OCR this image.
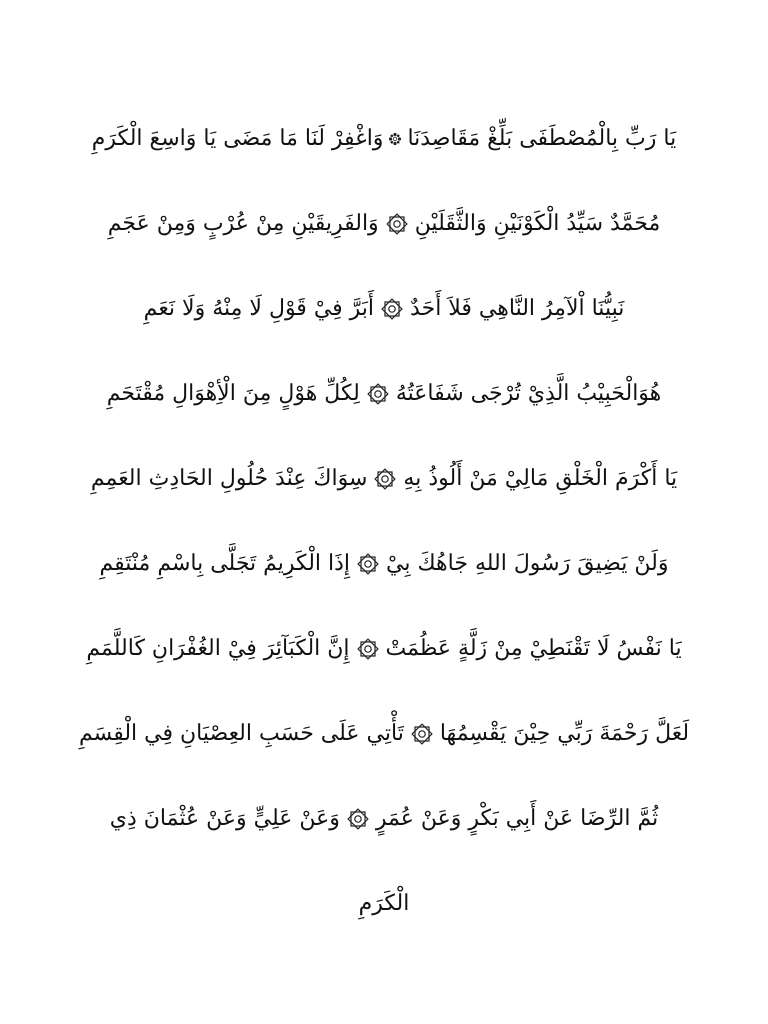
يَا رَبِّ بِالْمُصْطَفَى بَلِّغْ مَقَاصِدَنَا
وَاغْفِرْ لَنَا مَا مَضَى يَا وَاسِعَ الْكَرَمِ
مُحَمَّدٌ سَيِّدُ الْكَوْنَيْنِ وَالثَّقَلَيْنِ
وَالفَرِيقَيْنِ مِنْ عُرْبٍ وَمِنْ عَجَمِ
نَبِيُّنَا اْلآمِرُ النَّاهِي فَلاَ أَحَدٌ
أَبَرَّ فِيْ قَوْلِ لَا مِنْهُ وَلَا نَعَمِ
هُوَالْحَبِيْبُ الَّذِيْ تُرْجَى شَفَاعَتُهُ
لِكُلِّ هَوْلٍ مِنَ الْأِهْوَالِ مُقْتَحَمِ
يَا أَكْرَمَ الْخَلْقِ مَالِيْ مَنْ أَلُوذُ بِهِ
سِوَاكَ عِنْدَ حُلُولِ الحَادِثِ العَمِمِ
وَلَنْ يَضِيقَ رَسُولَ اللهِ جَاهُكَ بِيْ
إِذَا الْكَرِيمُ تَجَلَّى بِاسْمِ مُنْتَقِمِ
يَا نَفْسُ لَا تَقْنَطِيْ مِنْ زَلَّةٍ عَظُمَتْ
إِنَّ الْكَبَآئِرَ فِيْ الغُفْرَانِ كَاللَّمَمِ
لَعَلَّ رَحْمَةَ رَبِّي حِيْنَ يَقْسِمُهَا
تَأْتِي عَلَى حَسَبِ العِصْيَانِ فِي الْقِسَمِ
ثُمَّ الرِّضَا عَنْ أَبِي بَكْرٍ وَعَنْ عُمَرٍ
وَعَنْ عَلِيٍّ وَعَنْ عُثْمَانَ ذِي
الْكَرَمِ
